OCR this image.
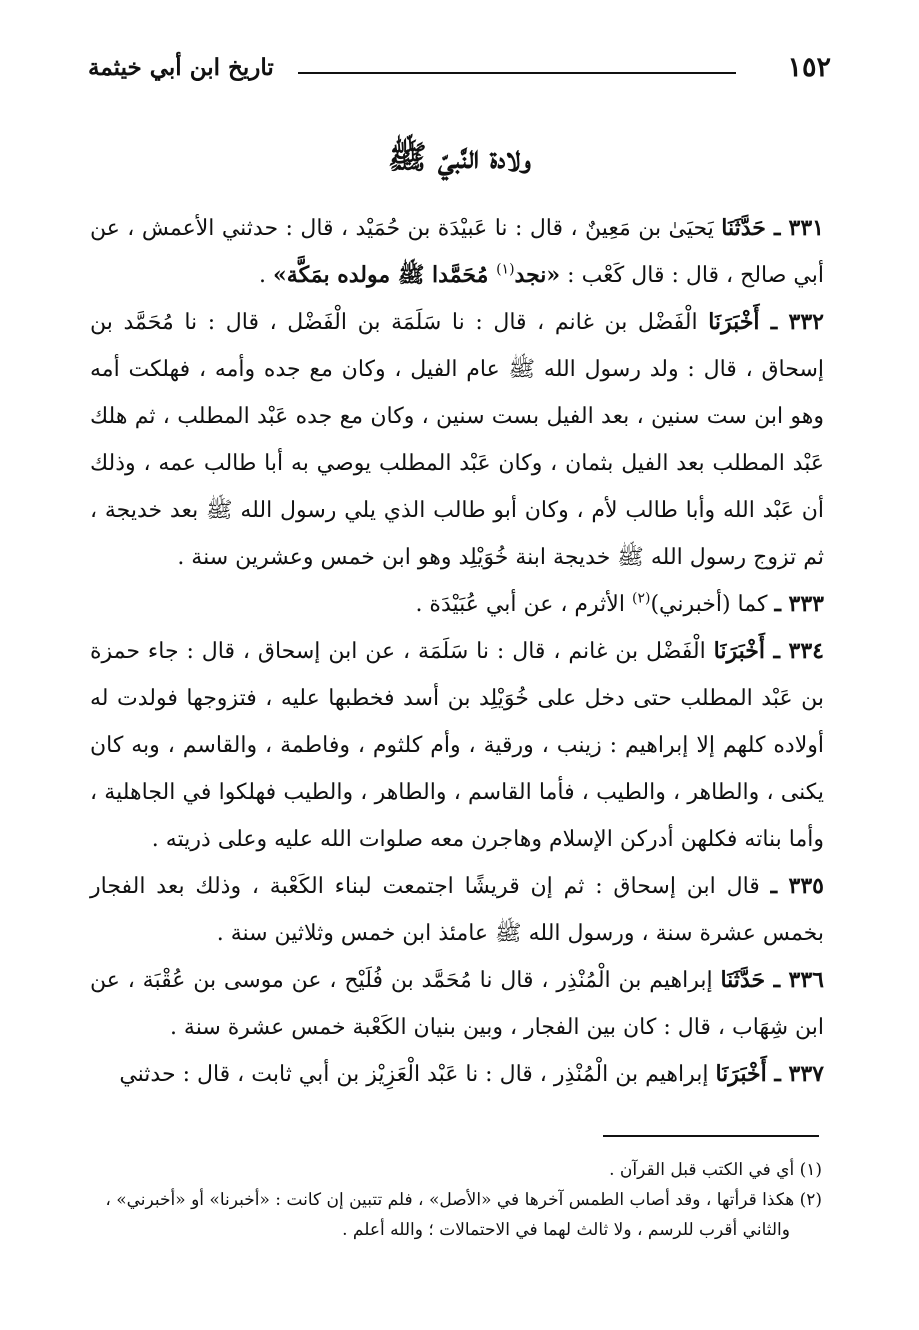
١٥٢
تاريخ ابن أبي خيثمة
ولادة النَّبيّ ﷺ

٣٣١ ـ حَدَّثَنَا يَحيَىٰ بن مَعِينٌ ، قال : نا عَبيْدَة بن حُمَيْد ، قال : حدثني الأعمش ، عن أبي صالح ، قال : قال كَعْب : «نجد$^{(١)}$ مُحَمَّدا ﷺ مولده بمَكَّة» .

٣٣٢ ـ أَخْبَرَنَا الْفَضْل بن غانم ، قال : نا سَلَمَة بن الْفَضْل ، قال : نا مُحَمَّد بن إسحاق ، قال : ولد رسول الله ﷺ عام الفيل ، وكان مع جده وأمه ، فهلكت أمه وهو ابن ست سنين ، بعد الفيل بست سنين ، وكان مع جده عَبْد المطلب ، ثم هلك عَبْد المطلب بعد الفيل بثمان ، وكان عَبْد المطلب يوصي به أبا طالب عمه ، وذلك أن عَبْد الله وأبا طالب لأم ، وكان أبو طالب الذي يلي رسول الله ﷺ بعد خديجة ، ثم تزوج رسول الله ﷺ خديجة ابنة خُوَيْلِد وهو ابن خمس وعشرين سنة .

٣٣٣ ـ كما (أخبرني)$^{(٢)}$ الأثرم ، عن أبي عُبَيْدَة .

٣٣٤ ـ أَخْبَرَنَا الْفَضْل بن غانم ، قال : نا سَلَمَة ، عن ابن إسحاق ، قال : جاء حمزة بن عَبْد المطلب حتى دخل على خُوَيْلِد بن أسد فخطبها عليه ، فتزوجها فولدت له أولاده كلهم إلا إبراهيم : زينب ، ورقية ، وأم كلثوم ، وفاطمة ، والقاسم ، وبه كان يكنى ، والطاهر ، والطيب ، فأما القاسم ، والطاهر ، والطيب فهلكوا في الجاهلية ، وأما بناته فكلهن أدركن الإسلام وهاجرن معه صلوات الله عليه وعلى ذريته .

٣٣٥ ـ قال ابن إسحاق : ثم إن قريشًا اجتمعت لبناء الكَعْبة ، وذلك بعد الفجار بخمس عشرة سنة ، ورسول الله ﷺ عامئذ ابن خمس وثلاثين سنة .

٣٣٦ ـ حَدَّثَنَا إبراهيم بن الْمُنْذِر ، قال نا مُحَمَّد بن فُلَيْح ، عن موسى بن عُقْبَة ، عن ابن شِهَاب ، قال : كان بين الفجار ، وبين بنيان الكَعْبة خمس عشرة سنة .

٣٣٧ ـ أَخْبَرَنَا إبراهيم بن الْمُنْذِر ، قال : نا عَبْد الْعَزِيْز بن أبي ثابت ، قال : حدثني

(١) أي في الكتب قبل القرآن .

(٢) هكذا قرأتها ، وقد أصاب الطمس آخرها في «الأصل» ، فلم تتبين إن كانت : «أخبرنا» أو «أخبرني» ،
والثاني أقرب للرسم ، ولا ثالث لهما في الاحتمالات ؛ والله أعلم .
